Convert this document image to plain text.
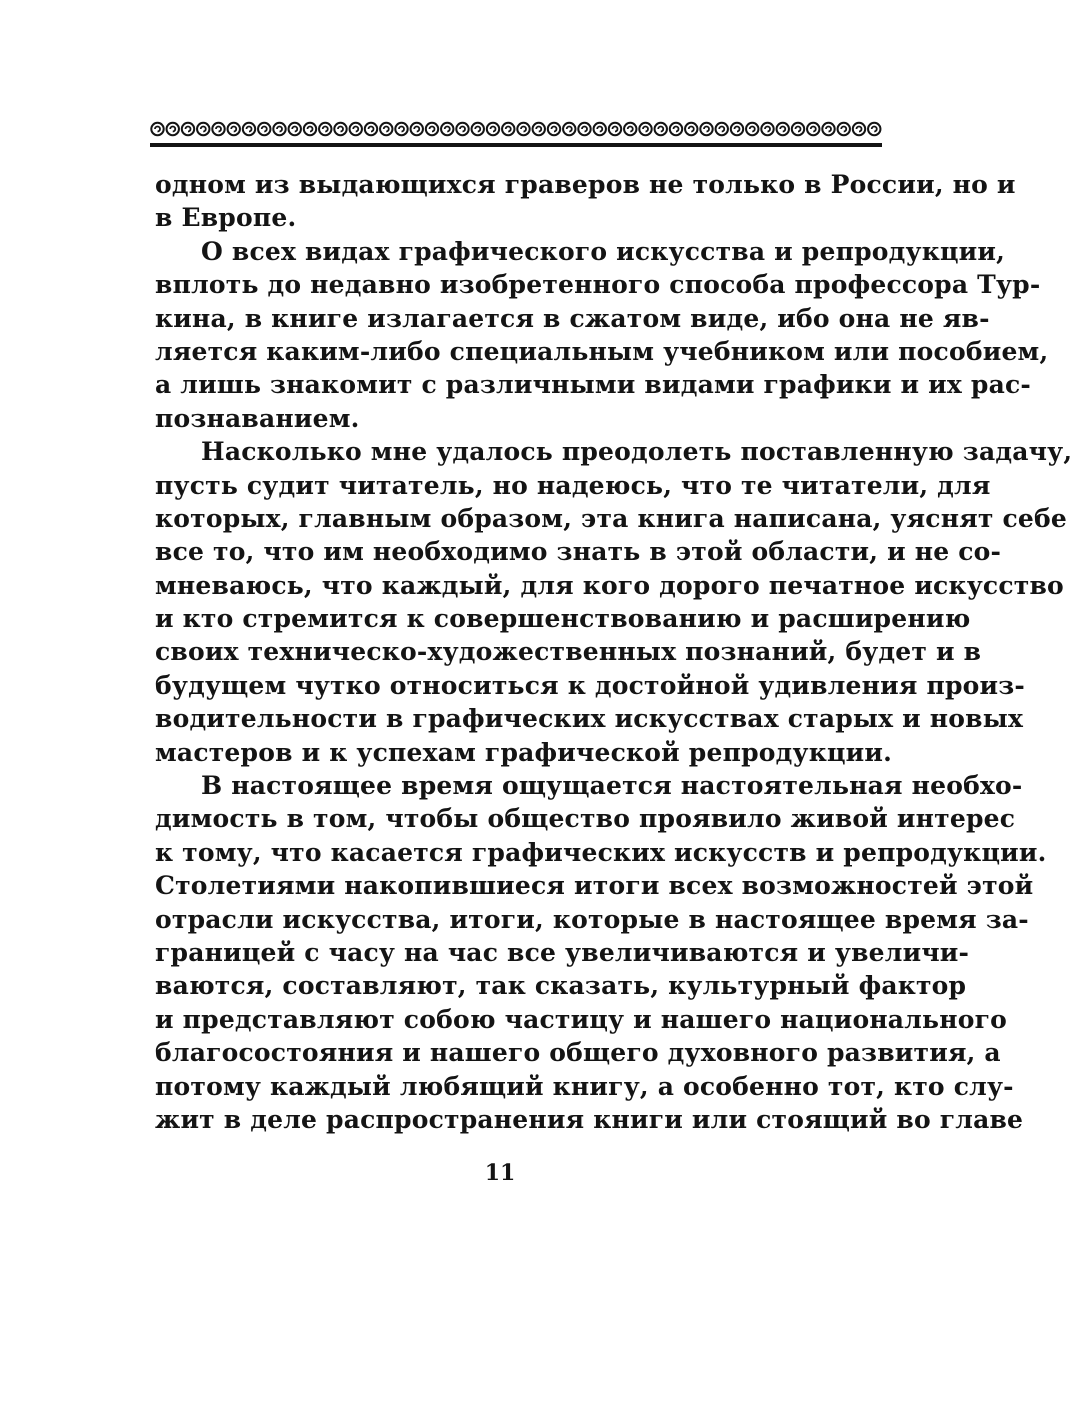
одном из выдающихся граверов не только в России, но и
в Европе.
О всех видах графического искусства и репродукции,
вплоть до недавно изобретенного способа профессора Тур-
кина, в книге излагается в сжатом виде, ибо она не яв-
ляется каким-либо специальным учебником или пособием,
а лишь знакомит с различными видами графики и их рас-
познаванием.
Насколько мне удалось преодолеть поставленную задачу,
пусть судит читатель, но надеюсь, что те читатели, для
которых, главным образом, эта книга написана, уяснят себе
все то, что им необходимо знать в этой области, и не со-
мневаюсь, что каждый, для кого дорого печатное искусство
и кто стремится к совершенствованию и расширению
своих техническо-художественных познаний, будет и в
будущем чутко относиться к достойной удивления произ-
водительности в графических искусствах старых и новых
мастеров и к успехам графической репродукции.
В настоящее время ощущается настоятельная необхо-
димость в том, чтобы общество проявило живой интерес
к тому, что касается графических искусств и репродукции.
Столетиями накопившиеся итоги всех возможностей этой
отрасли искусства, итоги, которые в настоящее время за-
границей с часу на час все увеличиваются и увеличи-
ваются, составляют, так сказать, культурный фактор
и представляют собою частицу и нашего национального
благосостояния и нашего общего духовного развития, а
потому каждый любящий книгу, а особенно тот, кто слу-
жит в деле распространения книги или стоящий во главе
11
